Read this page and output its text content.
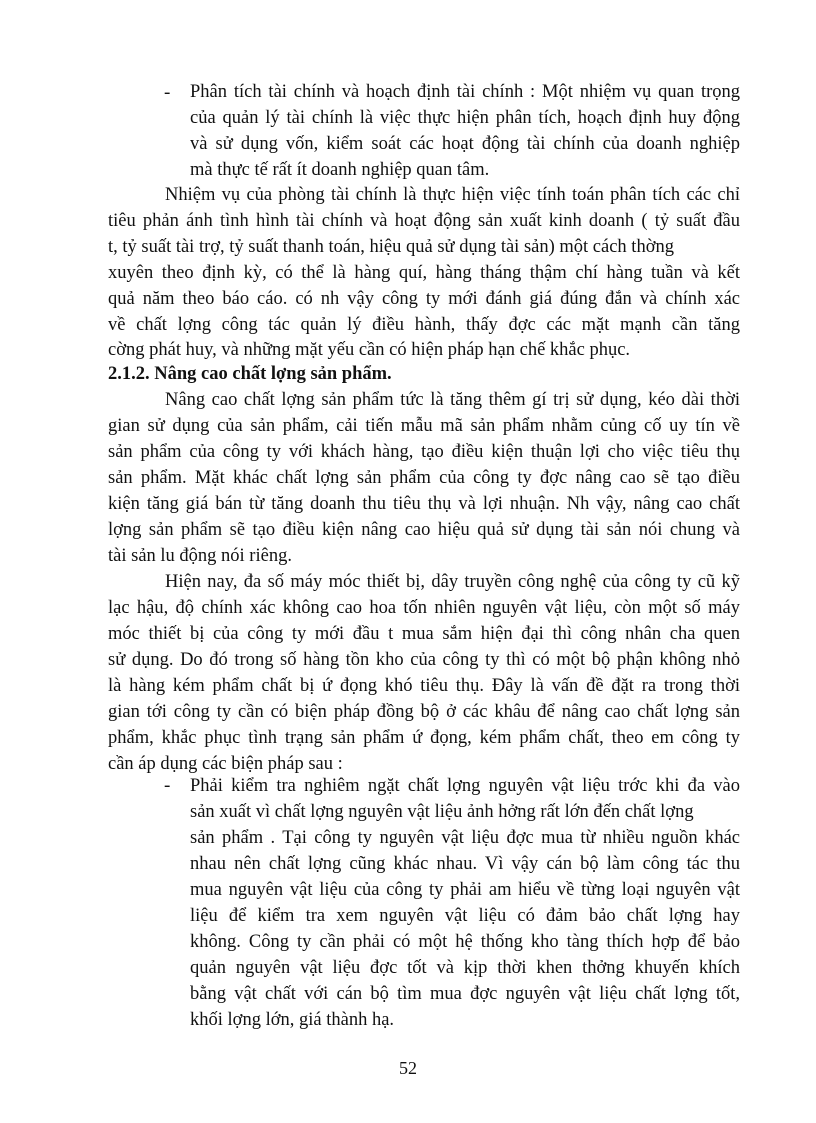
- Phân tích tài chính và hoạch định tài chính : Một nhiệm vụ quan trọng
của quản lý tài chính là việc thực hiện phân tích, hoạch định huy động
và sử dụng vốn, kiểm soát các hoạt động tài chính của doanh nghiệp
mà thực tế rất ít doanh nghiệp quan tâm.
Nhiệm vụ của phòng tài chính là thực hiện việc tính toán phân tích các chỉ
tiêu phản ánh tình hình tài chính và hoạt động sản xuất kinh doanh ( tỷ suất đầu
t, tỷ suất tài trợ, tỷ suất thanh toán, hiệu quả sử dụng tài sản) một cách thờng
xuyên theo định kỳ, có thể là hàng quí, hàng tháng thậm chí hàng tuần và kết
quả năm theo báo cáo. có nh vậy công ty mới đánh giá đúng đắn và chính xác
về chất lợng công tác quản lý điều hành, thấy đợc các mặt mạnh cần tăng
cờng phát huy, và những mặt yếu cần có hiện pháp hạn chế khắc phục.
2.1.2. Nâng cao chất lợng sản phẩm.
Nâng cao chất lợng sản phẩm tức là tăng thêm gí trị sử dụng, kéo dài thời
gian sử dụng của sản phẩm, cải tiến mẫu mã sản phẩm nhằm củng cố uy tín về
sản phẩm của công ty với khách hàng, tạo điều kiện thuận lợi cho việc tiêu thụ
sản phẩm. Mặt khác chất lợng sản phẩm của công ty đợc nâng cao sẽ tạo điều
kiện tăng giá bán từ tăng doanh thu tiêu thụ và lợi nhuận. Nh vậy, nâng cao chất
lợng sản phẩm sẽ tạo điều kiện nâng cao hiệu quả sử dụng tài sản nói chung và
tài sản lu động nói riêng.
Hiện nay, đa số máy móc thiết bị, dây truyền công nghệ của công ty cũ kỹ
lạc hậu, độ chính xác không cao hoa tốn nhiên nguyên vật liệu, còn một số máy
móc thiết bị của công ty mới đầu t mua sắm hiện đại thì công nhân cha quen
sử dụng. Do đó trong số hàng tồn kho của công ty thì có một bộ phận không nhỏ
là hàng kém phẩm chất bị ứ đọng khó tiêu thụ. Đây là vấn đề đặt ra trong thời
gian tới công ty cần có biện pháp đồng bộ ở các khâu để nâng cao chất lợng sản
phẩm, khắc phục tình trạng sản phẩm ứ đọng, kém phẩm chất, theo em công ty
cần áp dụng các biện pháp sau :
- Phải kiểm tra nghiêm ngặt chất lợng nguyên vật liệu trớc khi đa vào
sản xuất vì chất lợng nguyên vật liệu ảnh hởng rất lớn đến chất lợng
sản phẩm . Tại công ty nguyên vật liệu đợc mua từ nhiều nguồn khác
nhau nên chất lợng cũng khác nhau. Vì vậy cán bộ làm công tác thu
mua nguyên vật liệu của công ty phải am hiểu về từng loại nguyên vật
liệu để kiểm tra xem nguyên vật liệu có đảm bảo chất lợng hay
không. Công ty cần phải có một hệ thống kho tàng thích hợp để bảo
quản nguyên vật liệu đợc tốt và kịp thời khen thởng khuyến khích
bằng vật chất với cán bộ tìm mua đợc nguyên vật liệu chất lợng tốt,
khối lợng lớn, giá thành hạ.
52
